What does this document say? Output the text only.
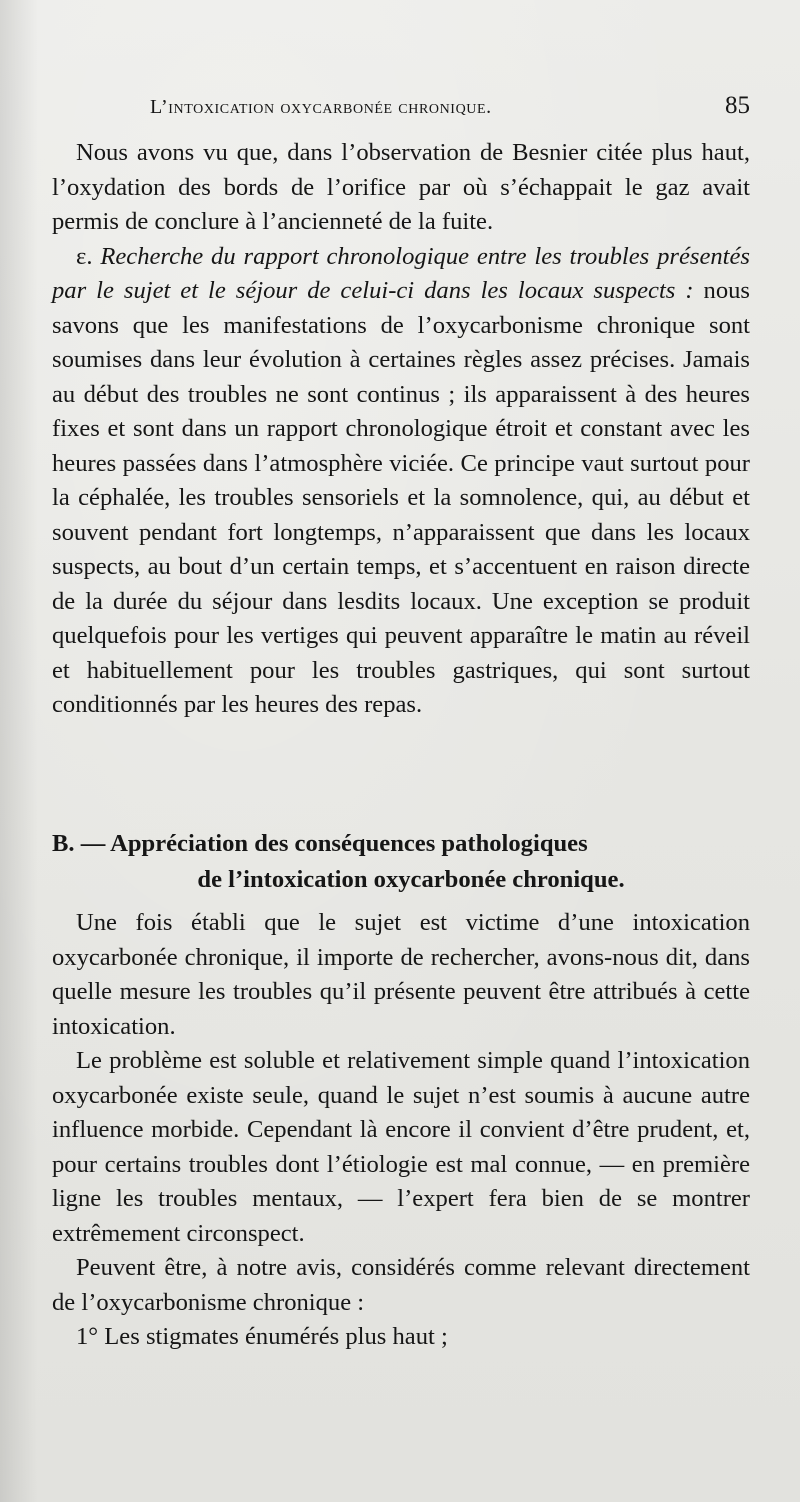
L’intoxication oxycarbonée chronique.	85

Nous avons vu que, dans l’observation de Besnier citée plus haut, l’oxydation des bords de l’orifice par où s’échappait le gaz avait permis de conclure à l’ancienneté de la fuite.

ε. Recherche du rapport chronologique entre les troubles présentés par le sujet et le séjour de celui-ci dans les locaux suspects : nous savons que les manifestations de l’oxycarbonisme chronique sont soumises dans leur évolution à certaines règles assez précises. Jamais au début des troubles ne sont continus ; ils apparaissent à des heures fixes et sont dans un rapport chronologique étroit et constant avec les heures passées dans l’atmosphère viciée. Ce principe vaut surtout pour la céphalée, les troubles sensoriels et la somnolence, qui, au début et souvent pendant fort longtemps, n’apparaissent que dans les locaux suspects, au bout d’un certain temps, et s’accentuent en raison directe de la durée du séjour dans lesdits locaux. Une exception se produit quelquefois pour les vertiges qui peuvent apparaître le matin au réveil et habituellement pour les troubles gastriques, qui sont surtout conditionnés par les heures des repas.

B. — Appréciation des conséquences pathologiques
de l’intoxication oxycarbonée chronique.

Une fois établi que le sujet est victime d’une intoxication oxycarbonée chronique, il importe de rechercher, avons-nous dit, dans quelle mesure les troubles qu’il présente peuvent être attribués à cette intoxication.

Le problème est soluble et relativement simple quand l’intoxication oxycarbonée existe seule, quand le sujet n’est soumis à aucune autre influence morbide. Cependant là encore il convient d’être prudent, et, pour certains troubles dont l’étiologie est mal connue, — en première ligne les troubles mentaux, — l’expert fera bien de se montrer extrêmement circonspect.

Peuvent être, à notre avis, considérés comme relevant directement de l’oxycarbonisme chronique :

1° Les stigmates énumérés plus haut ;
